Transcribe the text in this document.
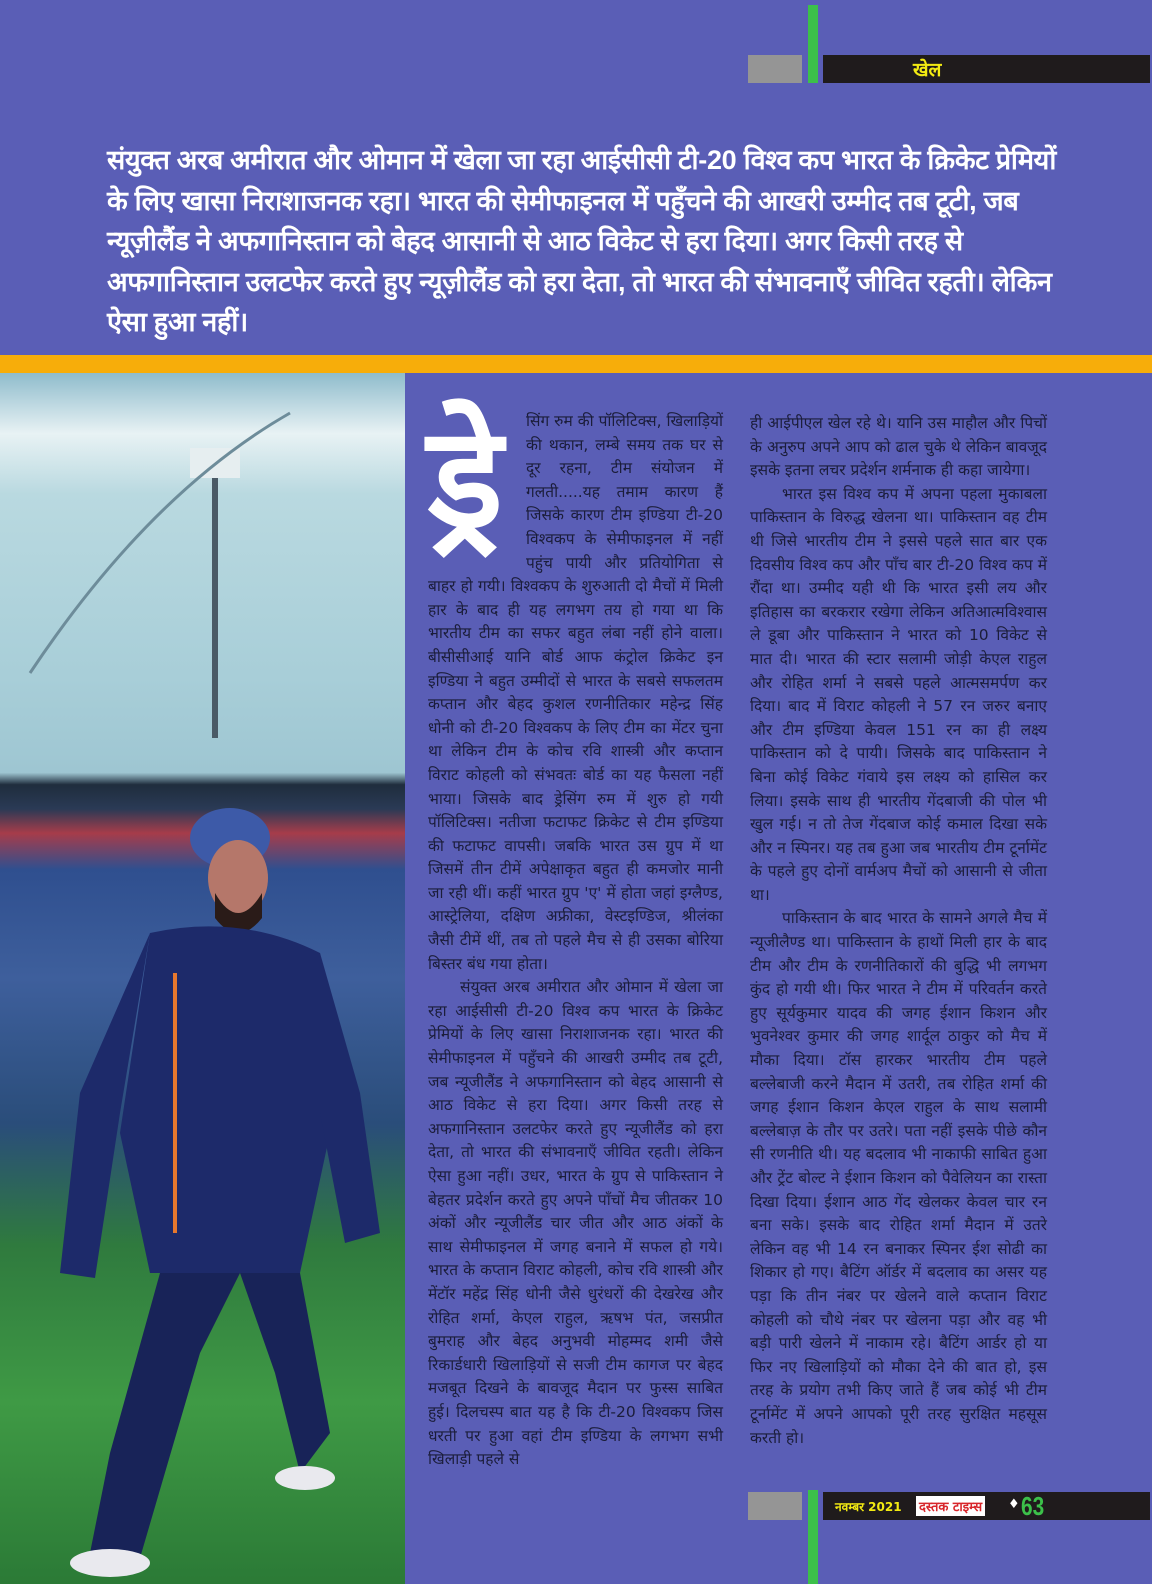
खेल
संयुक्त अरब अमीरात और ओमान में खेला जा रहा आईसीसी टी-20 विश्व कप भारत के क्रिकेट प्रेमियों के लिए खासा निराशाजनक रहा। भारत की सेमीफाइनल में पहुँचने की आखरी उम्मीद तब टूटी, जब न्यूज़ीलैंड ने अफगानिस्तान को बेहद आसानी से आठ विकेट से हरा दिया। अगर किसी तरह से अफगानिस्तान उलटफेर करते हुए न्यूज़ीलैंड को हरा देता, तो भारत की संभावनाएँ जीवित रहती। लेकिन ऐसा हुआ नहीं।
ड्रे	सिंग रुम की पॉलिटिक्स, खिलाड़ियों की थकान, लम्बे समय तक घर से दूर रहना, टीम संयोजन में गलती.....यह तमाम कारण हैं जिसके कारण टीम इण्डिया टी-20 विश्वकप के सेमीफाइनल में नहीं पहुंच पायी और प्रतियोगिता से बाहर हो गयी। विश्वकप के शुरुआती दो मैचों में मिली हार के बाद ही यह लगभग तय हो गया था कि भारतीय टीम का सफर बहुत लंबा नहीं होने वाला। बीसीसीआई यानि बोर्ड आफ कंट्रोल क्रिकेट इन इण्डिया ने बहुत उम्मीदों से भारत के सबसे सफलतम कप्तान और बेहद कुशल रणनीतिकार महेन्द्र सिंह धोनी को टी-20 विश्वकप के लिए टीम का मेंटर चुना था लेकिन टीम के कोच रवि शास्त्री और कप्तान विराट कोहली को संभवतः बोर्ड का यह फैसला नहीं भाया। जिसके बाद ड्रेसिंग रुम में शुरु हो गयी पॉलिटिक्स। नतीजा फटाफट क्रिकेट से टीम इण्डिया की फटाफट वापसी। जबकि भारत उस ग्रुप में था जिसमें तीन टीमें अपेक्षाकृत बहुत ही कमजोर मानी जा रही थीं। कहीं भारत ग्रुप 'ए' में होता जहां इग्लैण्ड, आस्ट्रेलिया, दक्षिण अफ्रीका, वेस्टइण्डिज, श्रीलंका जैसी टीमें थीं, तब तो पहले मैच से ही उसका बोरिया बिस्तर बंध गया होता।

संयुक्त अरब अमीरात और ओमान में खेला जा रहा आईसीसी टी-20 विश्व कप भारत के क्रिकेट प्रेमियों के लिए खासा निराशाजनक रहा। भारत की सेमीफाइनल में पहुँचने की आखरी उम्मीद तब टूटी, जब न्यूजीलैंड ने अफगानिस्तान को बेहद आसानी से आठ विकेट से हरा दिया। अगर किसी तरह से अफगानिस्तान उलटफेर करते हुए न्यूजीलैंड को हरा देता, तो भारत की संभावनाएँ जीवित रहती। लेकिन ऐसा हुआ नहीं। उधर, भारत के ग्रुप से पाकिस्तान ने बेहतर प्रदेर्शन करते हुए अपने पाँचों मैच जीतकर 10 अंकों और न्यूजीलैंड चार जीत और आठ अंकों के साथ सेमीफाइनल में जगह बनाने में सफल हो गये। भारत के कप्तान विराट कोहली, कोच रवि शास्त्री और मेंटॉर महेंद्र सिंह धोनी जैसे धुरंधरों की देखरेख और रोहित शर्मा, केएल राहुल, ऋषभ पंत, जसप्रीत बुमराह और बेहद अनुभवी मोहम्मद शमी जैसे रिकार्डधारी खिलाड़ियों से सजी टीम कागज पर बेहद मजबूत दिखने के बावजूद मैदान पर फुस्स साबित हुई। दिलचस्प बात यह है कि टी-20 विश्वकप जिस धरती पर हुआ वहां टीम इण्डिया के लगभग सभी खिलाड़ी पहले से

ही आईपीएल खेल रहे थे। यानि उस माहौल और पिचों के अनुरुप अपने आप को ढाल चुके थे लेकिन बावजूद इसके इतना लचर प्रदेर्शन शर्मनाक ही कहा जायेगा।

भारत इस विश्व कप में अपना पहला मुकाबला पाकिस्तान के विरुद्ध खेलना था। पाकिस्तान वह टीम थी जिसे भारतीय टीम ने इससे पहले सात बार एक दिवसीय विश्व कप और पाँच बार टी-20 विश्व कप में रौंदा था। उम्मीद यही थी कि भारत इसी लय और इतिहास का बरकरार रखेगा लेकिन अतिआत्मविश्वास ले डूबा और पाकिस्तान ने भारत को 10 विकेट से मात दी। भारत की स्टार सलामी जोड़ी केएल राहुल और रोहित शर्मा ने सबसे पहले आत्मसमर्पण कर दिया। बाद में विराट कोहली ने 57 रन जरुर बनाए और टीम इण्डिया केवल 151 रन का ही लक्ष्य पाकिस्तान को दे पायी। जिसके बाद पाकिस्तान ने बिना कोई विकेट गंवाये इस लक्ष्य को हासिल कर लिया। इसके साथ ही भारतीय गेंदबाजी की पोल भी खुल गई। न तो तेज गेंदबाज कोई कमाल दिखा सके और न स्पिनर। यह तब हुआ जब भारतीय टीम टूर्नामेंट के पहले हुए दोनों वार्मअप मैचों को आसानी से जीता था।

पाकिस्तान के बाद भारत के सामने अगले मैच में न्यूजीलैण्ड था। पाकिस्तान के हाथों मिली हार के बाद टीम और टीम के रणनीतिकारों की बुद्धि भी लगभग कुंद हो गयी थी। फिर भारत ने टीम में परिवर्तन करते हुए सूर्यकुमार यादव की जगह ईशान किशन और भुवनेश्वर कुमार की जगह शार्दूल ठाकुर को मैच में मौका दिया। टॉस हारकर भारतीय टीम पहले बल्लेबाजी करने मैदान में उतरी, तब रोहित शर्मा की जगह ईशान किशन केएल राहुल के साथ सलामी बल्लेबाज़ के तौर पर उतरे। पता नहीं इसके पीछे कौन सी रणनीति थी। यह बदलाव भी नाकाफी साबित हुआ और ट्रेंट बोल्ट ने ईशान किशन को पैवेलियन का रास्ता दिखा दिया। ईशान आठ गेंद खेलकर केवल चार रन बना सके। इसके बाद रोहित शर्मा मैदान में उतरे लेकिन वह भी 14 रन बनाकर स्पिनर ईश सोढी का शिकार हो गए। बैटिंग ऑर्डर में बदलाव का असर यह पड़ा कि तीन नंबर पर खेलने वाले कप्तान विराट कोहली को चौथे नंबर पर खेलना पड़ा और वह भी बड़ी पारी खेलने में नाकाम रहे। बैटिंग आर्डर हो या फिर नए खिलाड़ियों को मौका देने की बात हो, इस तरह के प्रयोग तभी किए जाते हैं जब कोई भी टीम टूर्नामेंट में अपने आपको पूरी तरह सुरक्षित महसूस करती हो।

नवम्बर 2021 दस्तक टाइम्स ♦ 63
